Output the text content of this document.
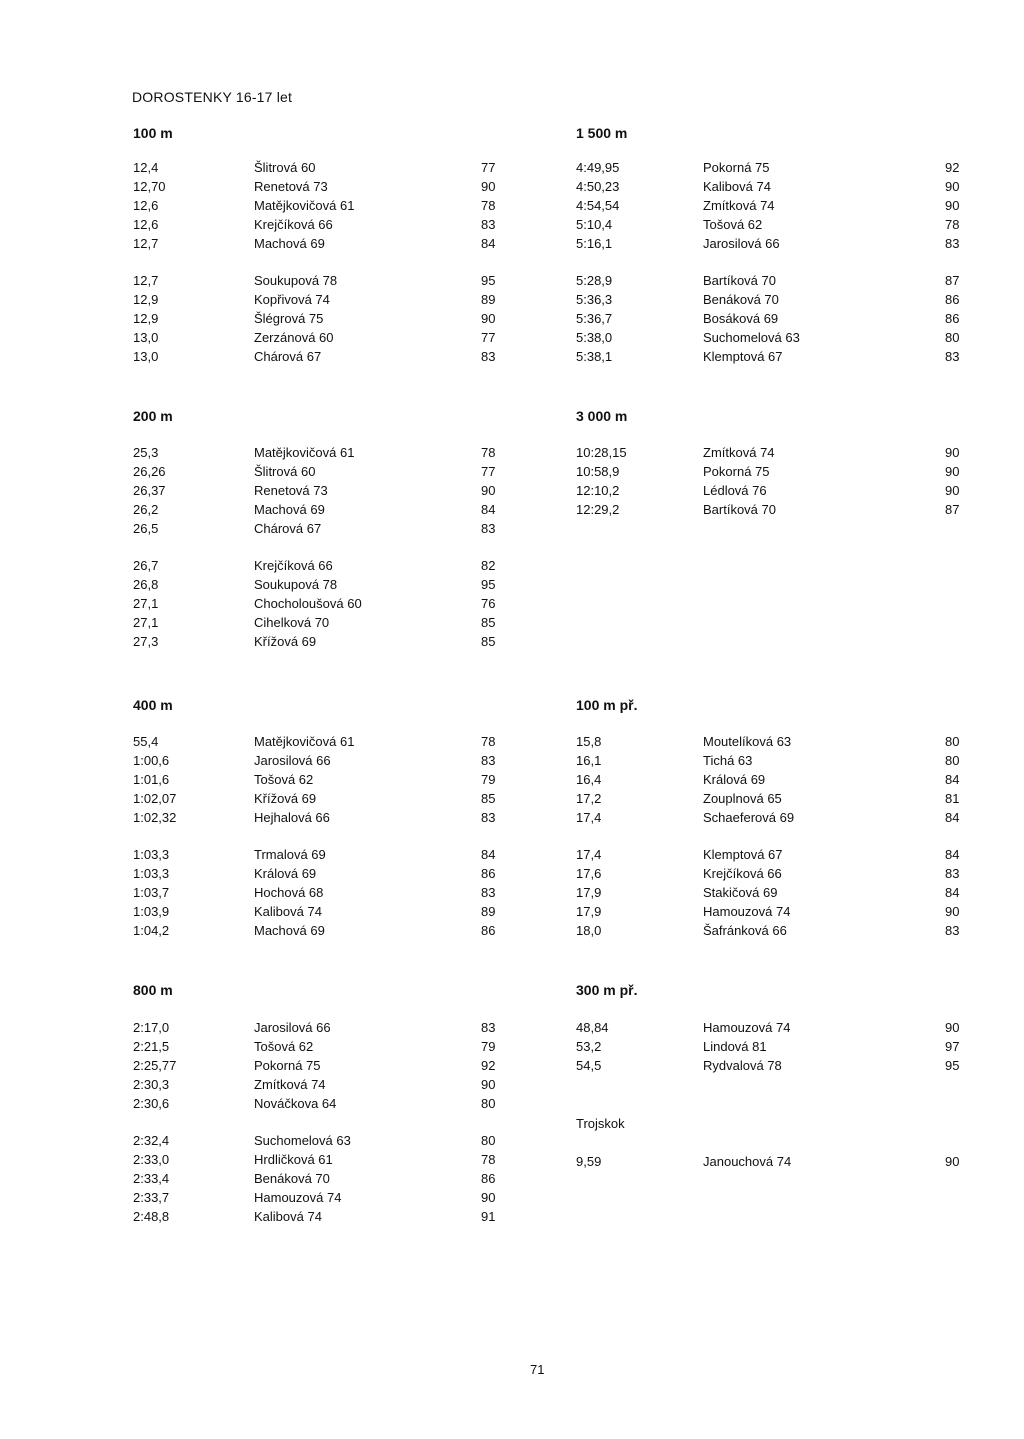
DOROSTENKY 16-17 let
100 m
12,4	Šlitrová 60	77
12,70	Renetová 73	90
12,6	Matějkovičová 61	78
12,6	Krejčíková 66	83
12,7	Machová 69	84
12,7	Soukupová 78	95
12,9	Kopřivová 74	89
12,9	Šlégrová 75	90
13,0	Zerzánová 60	77
13,0	Chárová 67	83
1 500 m
4:49,95	Pokorná 75	92
4:50,23	Kalibová 74	90
4:54,54	Zmítková 74	90
5:10,4	Tošová 62	78
5:16,1	Jarosilová 66	83
5:28,9	Bartíková 70	87
5:36,3	Benáková 70	86
5:36,7	Bosáková 69	86
5:38,0	Suchomelová 63	80
5:38,1	Klemptová 67	83
200 m
25,3	Matějkovičová 61	78
26,26	Šlitrová 60	77
26,37	Renetová 73	90
26,2	Machová 69	84
26,5	Chárová 67	83
26,7	Krejčíková 66	82
26,8	Soukupová 78	95
27,1	Chocholoušová 60	76
27,1	Cihelková 70	85
27,3	Křížová 69	85
3 000 m
10:28,15	Zmítková 74	90
10:58,9	Pokorná 75	90
12:10,2	Lédlová 76	90
12:29,2	Bartíková 70	87
400 m
55,4	Matějkovičová 61	78
1:00,6	Jarosilová 66	83
1:01,6	Tošová 62	79
1:02,07	Křížová 69	85
1:02,32	Hejhalová 66	83
1:03,3	Trmalová 69	84
1:03,3	Králová 69	86
1:03,7	Hochová 68	83
1:03,9	Kalibová 74	89
1:04,2	Machová 69	86
100 m př.
15,8	Moutelíková 63	80
16,1	Tichá 63	80
16,4	Králová 69	84
17,2	Zouplnová 65	81
17,4	Schaeferová 69	84
17,4	Klemptová 67	84
17,6	Krejčíková 66	83
17,9	Stakičová 69	84
17,9	Hamouzová 74	90
18,0	Šafránková 66	83
800 m
2:17,0	Jarosilová 66	83
2:21,5	Tošová 62	79
2:25,77	Pokorná 75	92
2:30,3	Zmítková 74	90
2:30,6	Nováčkova 64	80
2:32,4	Suchomelová 63	80
2:33,0	Hrdličková 61	78
2:33,4	Benáková 70	86
2:33,7	Hamouzová 74	90
2:48,8	Kalibová 74	91
300 m př.
48,84	Hamouzová 74	90
53,2	Lindová 81	97
54,5	Rydvalová 78	95
Trojskok
9,59	Janouchová 74	90
71
